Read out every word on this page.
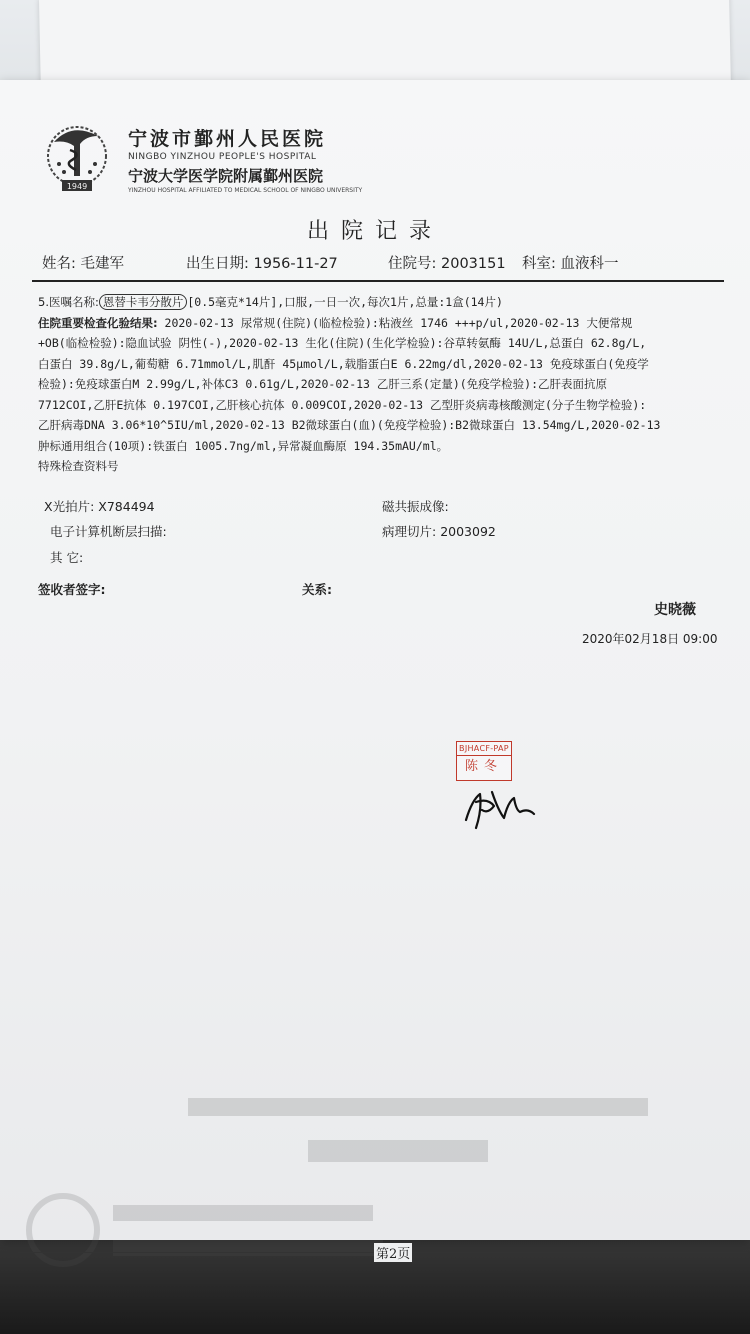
1949
宁波市鄞州人民医院
NINGBO YINZHOU PEOPLE'S HOSPITAL
宁波大学医学院附属鄞州医院
YINZHOU HOSPITAL AFFILIATED TO MEDICAL SCHOOL OF NINGBO UNIVERSITY
出院记录
姓名: 毛建军	出生日期: 1956-11-27	住院号: 2003151 科室: 血液科一

5.医嘱名称: 恩替卡韦分散片 [0.5毫克*14片],口服,一日一次,每次1片,总量:1盒(14片)

住院重要检查化验结果: 2020-02-13 尿常规(住院)(临检检验):粘液丝 1746 +++p/ul,2020-02-13 大便常规

+OB(临检检验):隐血试验 阴性(-),2020-02-13 生化(住院)(生化学检验):谷草转氨酶 14U/L,总蛋白 62.8g/L,

白蛋白 39.8g/L,葡萄糖 6.71mmol/L,肌酐 45μmol/L,载脂蛋白E 6.22mg/dl,2020-02-13 免疫球蛋白(免疫学

检验):免疫球蛋白M 2.99g/L,补体C3 0.61g/L,2020-02-13 乙肝三系(定量)(免疫学检验):乙肝表面抗原

7712COI,乙肝E抗体 0.197COI,乙肝核心抗体 0.009COI,2020-02-13 乙型肝炎病毒核酸测定(分子生物学检验):

乙肝病毒DNA 3.06*10^5IU/ml,2020-02-13 B2微球蛋白(血)(免疫学检验):B2微球蛋白 13.54mg/L,2020-02-13

肿标通用组合(10项):铁蛋白 1005.7ng/ml,异常凝血酶原 194.35mAU/ml。

特殊检查资料号

X光拍片: X784494	磁共振成像:
电子计算机断层扫描:	病理切片: 2003092
其 它:
签收者签字:	关系:
史晓薇
2020年02月18日 09:00
BJHACF-PAP
陈冬
第2页
